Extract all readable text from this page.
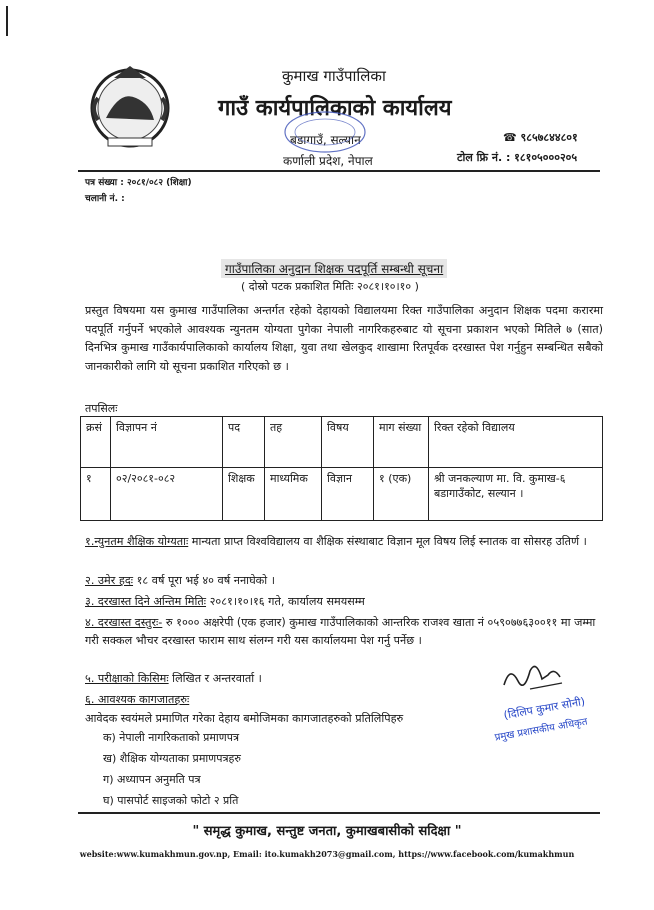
कुमाख गाउँपालिका
गाउँ कार्यपालिकाको कार्यालय
बडागाउँ, सल्यान
कर्णाली प्रदेश, नेपाल
☎ ९८५७८४४८०१
टोल फ्रि नं. : १८१०५०००२०५
पत्र संख्या : २०८१/०८२ (शिक्षा)
चलानी नं. :
गाउँपालिका अनुदान शिक्षक पदपूर्ति सम्बन्धी सूचना
( दोस्रो पटक प्रकाशित मितिः २०८१।१०।१० )
प्रस्तुत विषयमा यस कुमाख गाउँपालिका अन्तर्गत रहेको देहायको विद्यालयमा रिक्त गाउँपालिका अनुदान शिक्षक पदमा करारमा पदपूर्ति गर्नुपर्ने भएकोले आवश्यक न्युनतम योग्यता पुगेका नेपाली नागरिकहरुबाट यो सूचना प्रकाशन भएको मितिले ७ (सात) दिनभित्र कुमाख गाउँकार्यपालिकाको कार्यालय शिक्षा, युवा तथा खेलकुद शाखामा रितपूर्वक दरखास्त पेश गर्नुहुन सम्बन्धित सबैको जानकारीको लागि यो सूचना प्रकाशित गरिएको छ ।
तपसिलः
क्रसं	विज्ञापन नं	पद	तह	विषय	माग संख्या	रिक्त रहेको विद्यालय
१	०२/२०८१-०८२	शिक्षक	माध्यमिक	विज्ञान	१ (एक)	श्री जनकल्याण मा. वि. कुमाख-६ बडागाउँकोट, सल्यान ।
१.न्युनतम शैक्षिक योग्यताः मान्यता प्राप्त विश्वविद्यालय वा शैक्षिक संस्थाबाट विज्ञान मूल विषय लिई स्नातक वा सोसरह उतिर्ण ।
२. उमेर हदः १८ वर्ष पूरा भई ४० वर्ष ननाघेको ।
३. दरखास्त दिने अन्तिम मितिः २०८१।१०।१६ गते, कार्यालय समयसम्म
४. दरखास्त दस्तुरः- रु १००० अक्षरेपी (एक हजार) कुमाख गाउँपालिकाको आन्तरिक राजश्व खाता नं ०५९०७७६३००११ मा जम्मा गरी सक्कल भौचर दरखास्त फाराम साथ संलग्न गरी यस कार्यालयमा पेश गर्नु पर्नेछ ।
५. परीक्षाको किसिमः लिखित र अन्तरवार्ता ।
६. आवश्यक कागजातहरुः
आवेदक स्वयंमले प्रमाणित गरेका देहाय बमोजिमका कागजातहरुको प्रतिलिपिहरु
क) नेपाली नागरिकताको प्रमाणपत्र
ख) शैक्षिक योग्यताका प्रमाणपत्रहरु
ग) अध्यापन अनुमति पत्र
घ) पासपोर्ट साइजको फोटो २ प्रति
(दिलिप कुमार सोनी)
प्रमुख प्रशासकीय अधिकृत
" समृद्ध कुमाख, सन्तुष्ट जनता, कुमाखबासीको सदिक्षा "
website:www.kumakhmun.gov.np, Email: ito.kumakh2073@gmail.com, https://www.facebook.com/kumakhmun
